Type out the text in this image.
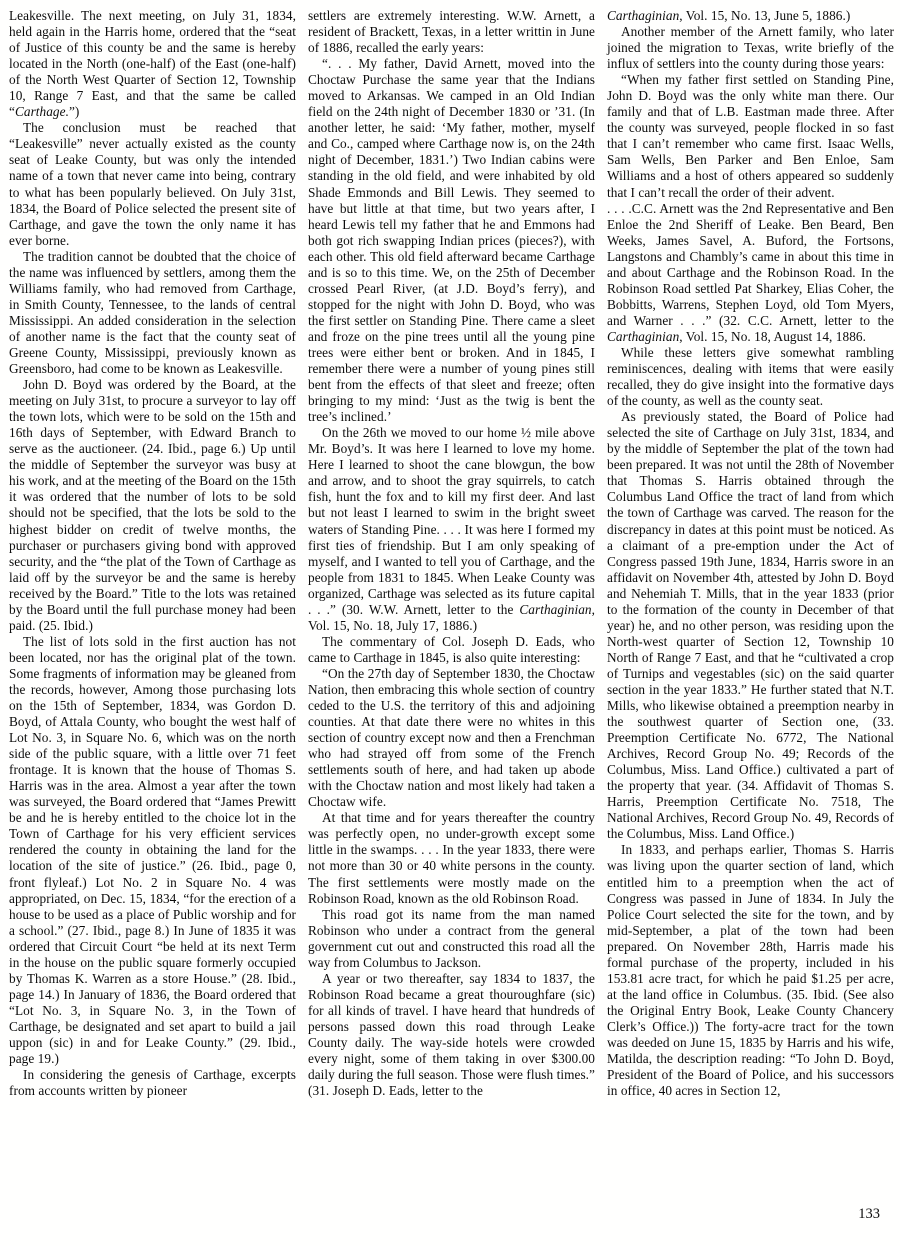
Leakesville. The next meeting, on July 31, 1834, held again in the Harris home, ordered that the “seat of Justice of this county be and the same is hereby located in the North (one-half) of the East (one-half) of the North West Quarter of Section 12, Township 10, Range 7 East, and that the same be called “Carthage.”)

The conclusion must be reached that “Leakesville” never actually existed as the county seat of Leake County, but was only the intended name of a town that never came into being, contrary to what has been popularly believed. On July 31st, 1834, the Board of Police selected the present site of Carthage, and gave the town the only name it has ever borne.

The tradition cannot be doubted that the choice of the name was influenced by settlers, among them the Williams family, who had removed from Carthage, in Smith County, Tennessee, to the lands of central Mississippi. An added consideration in the selection of another name is the fact that the county seat of Greene County, Mississippi, previously known as Greensboro, had come to be known as Leakesville.

John D. Boyd was ordered by the Board, at the meeting on July 31st, to procure a surveyor to lay off the town lots, which were to be sold on the 15th and 16th days of September, with Edward Branch to serve as the auctioneer. (24. Ibid., page 6.) Up until the middle of September the surveyor was busy at his work, and at the meeting of the Board on the 15th it was ordered that the number of lots to be sold should not be specified, that the lots be sold to the highest bidder on credit of twelve months, the purchaser or purchasers giving bond with approved security, and the “the plat of the Town of Carthage as laid off by the surveyor be and the same is hereby received by the Board.” Title to the lots was retained by the Board until the full purchase money had been paid. (25. Ibid.)

The list of lots sold in the first auction has not been located, nor has the original plat of the town. Some fragments of information may be gleaned from the records, however, Among those purchasing lots on the 15th of September, 1834, was Gordon D. Boyd, of Attala County, who bought the west half of Lot No. 3, in Square No. 6, which was on the north side of the public square, with a little over 71 feet frontage. It is known that the house of Thomas S. Harris was in the area. Almost a year after the town was surveyed, the Board ordered that “James Prewitt be and he is hereby entitled to the choice lot in the Town of Carthage for his very efficient services rendered the county in obtaining the land for the location of the site of justice.” (26. Ibid., page 0, front flyleaf.) Lot No. 2 in Square No. 4 was appropriated, on Dec. 15, 1834, “for the erection of a house to be used as a place of Public worship and for a school.” (27. Ibid., page 8.) In June of 1835 it was ordered that Circuit Court “be held at its next Term in the house on the public square formerly occupied by Thomas K. Warren as a store House.” (28. Ibid., page 14.) In January of 1836, the Board ordered that “Lot No. 3, in Square No. 3, in the Town of Carthage, be designated and set apart to build a jail uppon (sic) in and for Leake County.” (29. Ibid., page 19.)

In considering the genesis of Carthage, excerpts from accounts written by pioneer

settlers are extremely interesting. W.W. Arnett, a resident of Brackett, Texas, in a letter writtin in June of 1886, recalled the early years:

“. . . My father, David Arnett, moved into the Choctaw Purchase the same year that the Indians moved to Arkansas. We camped in an Old Indian field on the 24th night of December 1830 or ’31. (In another letter, he said: ‘My father, mother, myself and Co., camped where Carthage now is, on the 24th night of December, 1831.’) Two Indian cabins were standing in the old field, and were inhabited by old Shade Emmonds and Bill Lewis. They seemed to have but little at that time, but two years after, I heard Lewis tell my father that he and Emmons had both got rich swapping Indian prices (pieces?), with each other. This old field afterward became Carthage and is so to this time. We, on the 25th of December crossed Pearl River, (at J.D. Boyd’s ferry), and stopped for the night with John D. Boyd, who was the first settler on Standing Pine. There came a sleet and froze on the pine trees until all the young pine trees were either bent or broken. And in 1845, I remember there were a number of young pines still bent from the effects of that sleet and freeze; often bringing to my mind: ‘Just as the twig is bent the tree’s inclined.’

On the 26th we moved to our home ½ mile above Mr. Boyd’s. It was here I learned to love my home. Here I learned to shoot the cane blowgun, the bow and arrow, and to shoot the gray squirrels, to catch fish, hunt the fox and to kill my first deer. And last but not least I learned to swim in the bright sweet waters of Standing Pine. . . . It was here I formed my first ties of friendship. But I am only speaking of myself, and I wanted to tell you of Carthage, and the people from 1831 to 1845. When Leake County was organized, Carthage was selected as its future capital . . .” (30. W.W. Arnett, letter to the Carthaginian, Vol. 15, No. 18, July 17, 1886.)

The commentary of Col. Joseph D. Eads, who came to Carthage in 1845, is also quite interesting:

“On the 27th day of September 1830, the Choctaw Nation, then embracing this whole section of country ceded to the U.S. the territory of this and adjoining counties. At that date there were no whites in this section of country except now and then a Frenchman who had strayed off from some of the French settlements south of here, and had taken up abode with the Choctaw nation and most likely had taken a Choctaw wife.

At that time and for years thereafter the country was perfectly open, no under-growth except some little in the swamps. . . . In the year 1833, there were not more than 30 or 40 white persons in the county. The first settlements were mostly made on the Robinson Road, known as the old Robinson Road.

This road got its name from the man named Robinson who under a contract from the general government cut out and constructed this road all the way from Columbus to Jackson.

A year or two thereafter, say 1834 to 1837, the Robinson Road became a great thouroughfare (sic) for all kinds of travel. I have heard that hundreds of persons passed down this road through Leake County daily. The way-side hotels were crowded every night, some of them taking in over $300.00 daily during the full season. Those were flush times.” (31. Joseph D. Eads, letter to the

Carthaginian, Vol. 15, No. 13, June 5, 1886.)

Another member of the Arnett family, who later joined the migration to Texas, write briefly of the influx of settlers into the county during those years:

“When my father first settled on Standing Pine, John D. Boyd was the only white man there. Our family and that of L.B. Eastman made three. After the county was surveyed, people flocked in so fast that I can’t remember who came first. Isaac Wells, Sam Wells, Ben Parker and Ben Enloe, Sam Williams and a host of others appeared so suddenly that I can’t recall the order of their advent.

. . . .C.C. Arnett was the 2nd Representative and Ben Enloe the 2nd Sheriff of Leake. Ben Beard, Ben Weeks, James Savel, A. Buford, the Fortsons, Langstons and Chambly’s came in about this time in and about Carthage and the Robinson Road. In the Robinson Road settled Pat Sharkey, Elias Coher, the Bobbitts, Warrens, Stephen Loyd, old Tom Myers, and Warner . . .” (32. C.C. Arnett, letter to the Carthaginian, Vol. 15, No. 18, August 14, 1886.

While these letters give somewhat rambling reminiscences, dealing with items that were easily recalled, they do give insight into the formative days of the county, as well as the county seat.

As previously stated, the Board of Police had selected the site of Carthage on July 31st, 1834, and by the middle of September the plat of the town had been prepared. It was not until the 28th of November that Thomas S. Harris obtained through the Columbus Land Office the tract of land from which the town of Carthage was carved. The reason for the discrepancy in dates at this point must be noticed. As a claimant of a pre-emption under the Act of Congress passed 19th June, 1834, Harris swore in an affidavit on November 4th, attested by John D. Boyd and Nehemiah T. Mills, that in the year 1833 (prior to the formation of the county in December of that year) he, and no other person, was residing upon the North-west quarter of Section 12, Township 10 North of Range 7 East, and that he “cultivated a crop of Turnips and vegestables (sic) on the said quarter section in the year 1833.” He further stated that N.T. Mills, who likewise obtained a preemption nearby in the southwest quarter of Section one, (33. Preemption Certificate No. 6772, The National Archives, Record Group No. 49; Records of the Columbus, Miss. Land Office.) cultivated a part of the property that year. (34. Affidavit of Thomas S. Harris, Preemption Certificate No. 7518, The National Archives, Record Group No. 49, Records of the Columbus, Miss. Land Office.)

In 1833, and perhaps earlier, Thomas S. Harris was living upon the quarter section of land, which entitled him to a preemption when the act of Congress was passed in June of 1834. In July the Police Court selected the site for the town, and by mid-September, a plat of the town had been prepared. On November 28th, Harris made his formal purchase of the property, included in his 153.81 acre tract, for which he paid $1.25 per acre, at the land office in Columbus. (35. Ibid. (See also the Original Entry Book, Leake County Chancery Clerk’s Office.)) The forty-acre tract for the town was deeded on June 15, 1835 by Harris and his wife, Matilda, the description reading: “To John D. Boyd, President of the Board of Police, and his successors in office, 40 acres in Section 12,

133
